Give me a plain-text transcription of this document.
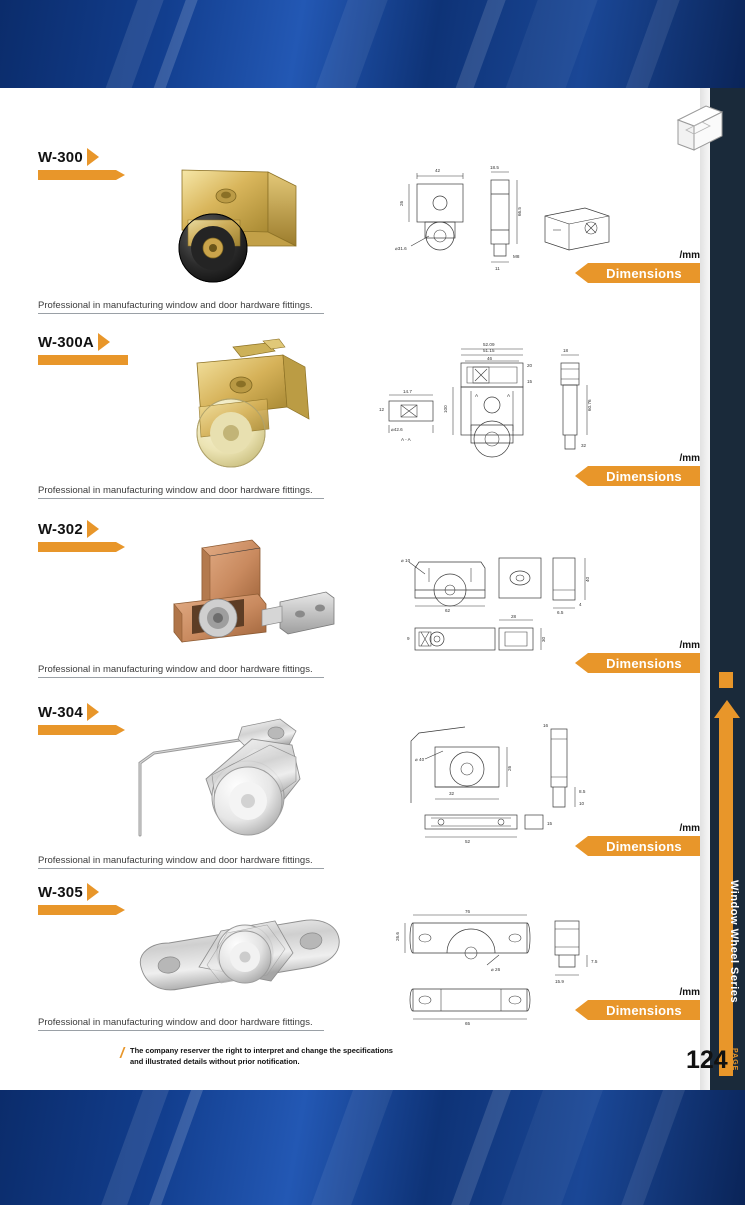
Window Wheel Series
PAGE
W-300
Professional in manufacturing window and door hardware fittings.
42
26
⌀31.6
18.5
66.5
M8
11
/mm
Dimensions
W-300A
Professional in manufacturing window and door hardware fittings.
51.15
52.09
46
20
15
A	A
100
14.7
12
⌀42.6
A - A
18
60.76
32
/mm
Dimensions
W-302
Professional in manufacturing window and door hardware fittings.
62
⌀ 10
40
6.5
4
28
30
9
/mm
Dimensions
W-304
Professional in manufacturing window and door hardware fittings.
⌀ 40
26
32	8.5
10
16
52
15	/mm
Dimensions
W-305
Professional in manufacturing window and door hardware fittings.
76
26.6
⌀ 26
7.5
15.9
65
/mm
Dimensions
/ The company reserver the right to interpret and change the specifications
and illustrated details without prior notification.	124
